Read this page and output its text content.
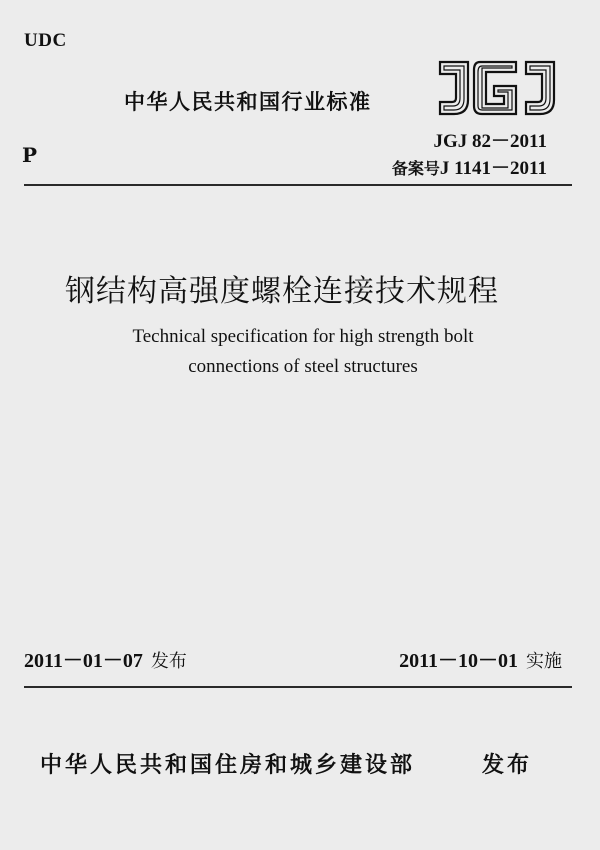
UDC
中华人民共和国行业标准
JGJ
JGJ 82－2011
P
备案号J 1141－2011
钢结构高强度螺栓连接技术规程
Technical specification for high strength bolt
connections of steel structures
2011－01－07 发布	2011－10－01 实施
中华人民共和国住房和城乡建设部	发布
